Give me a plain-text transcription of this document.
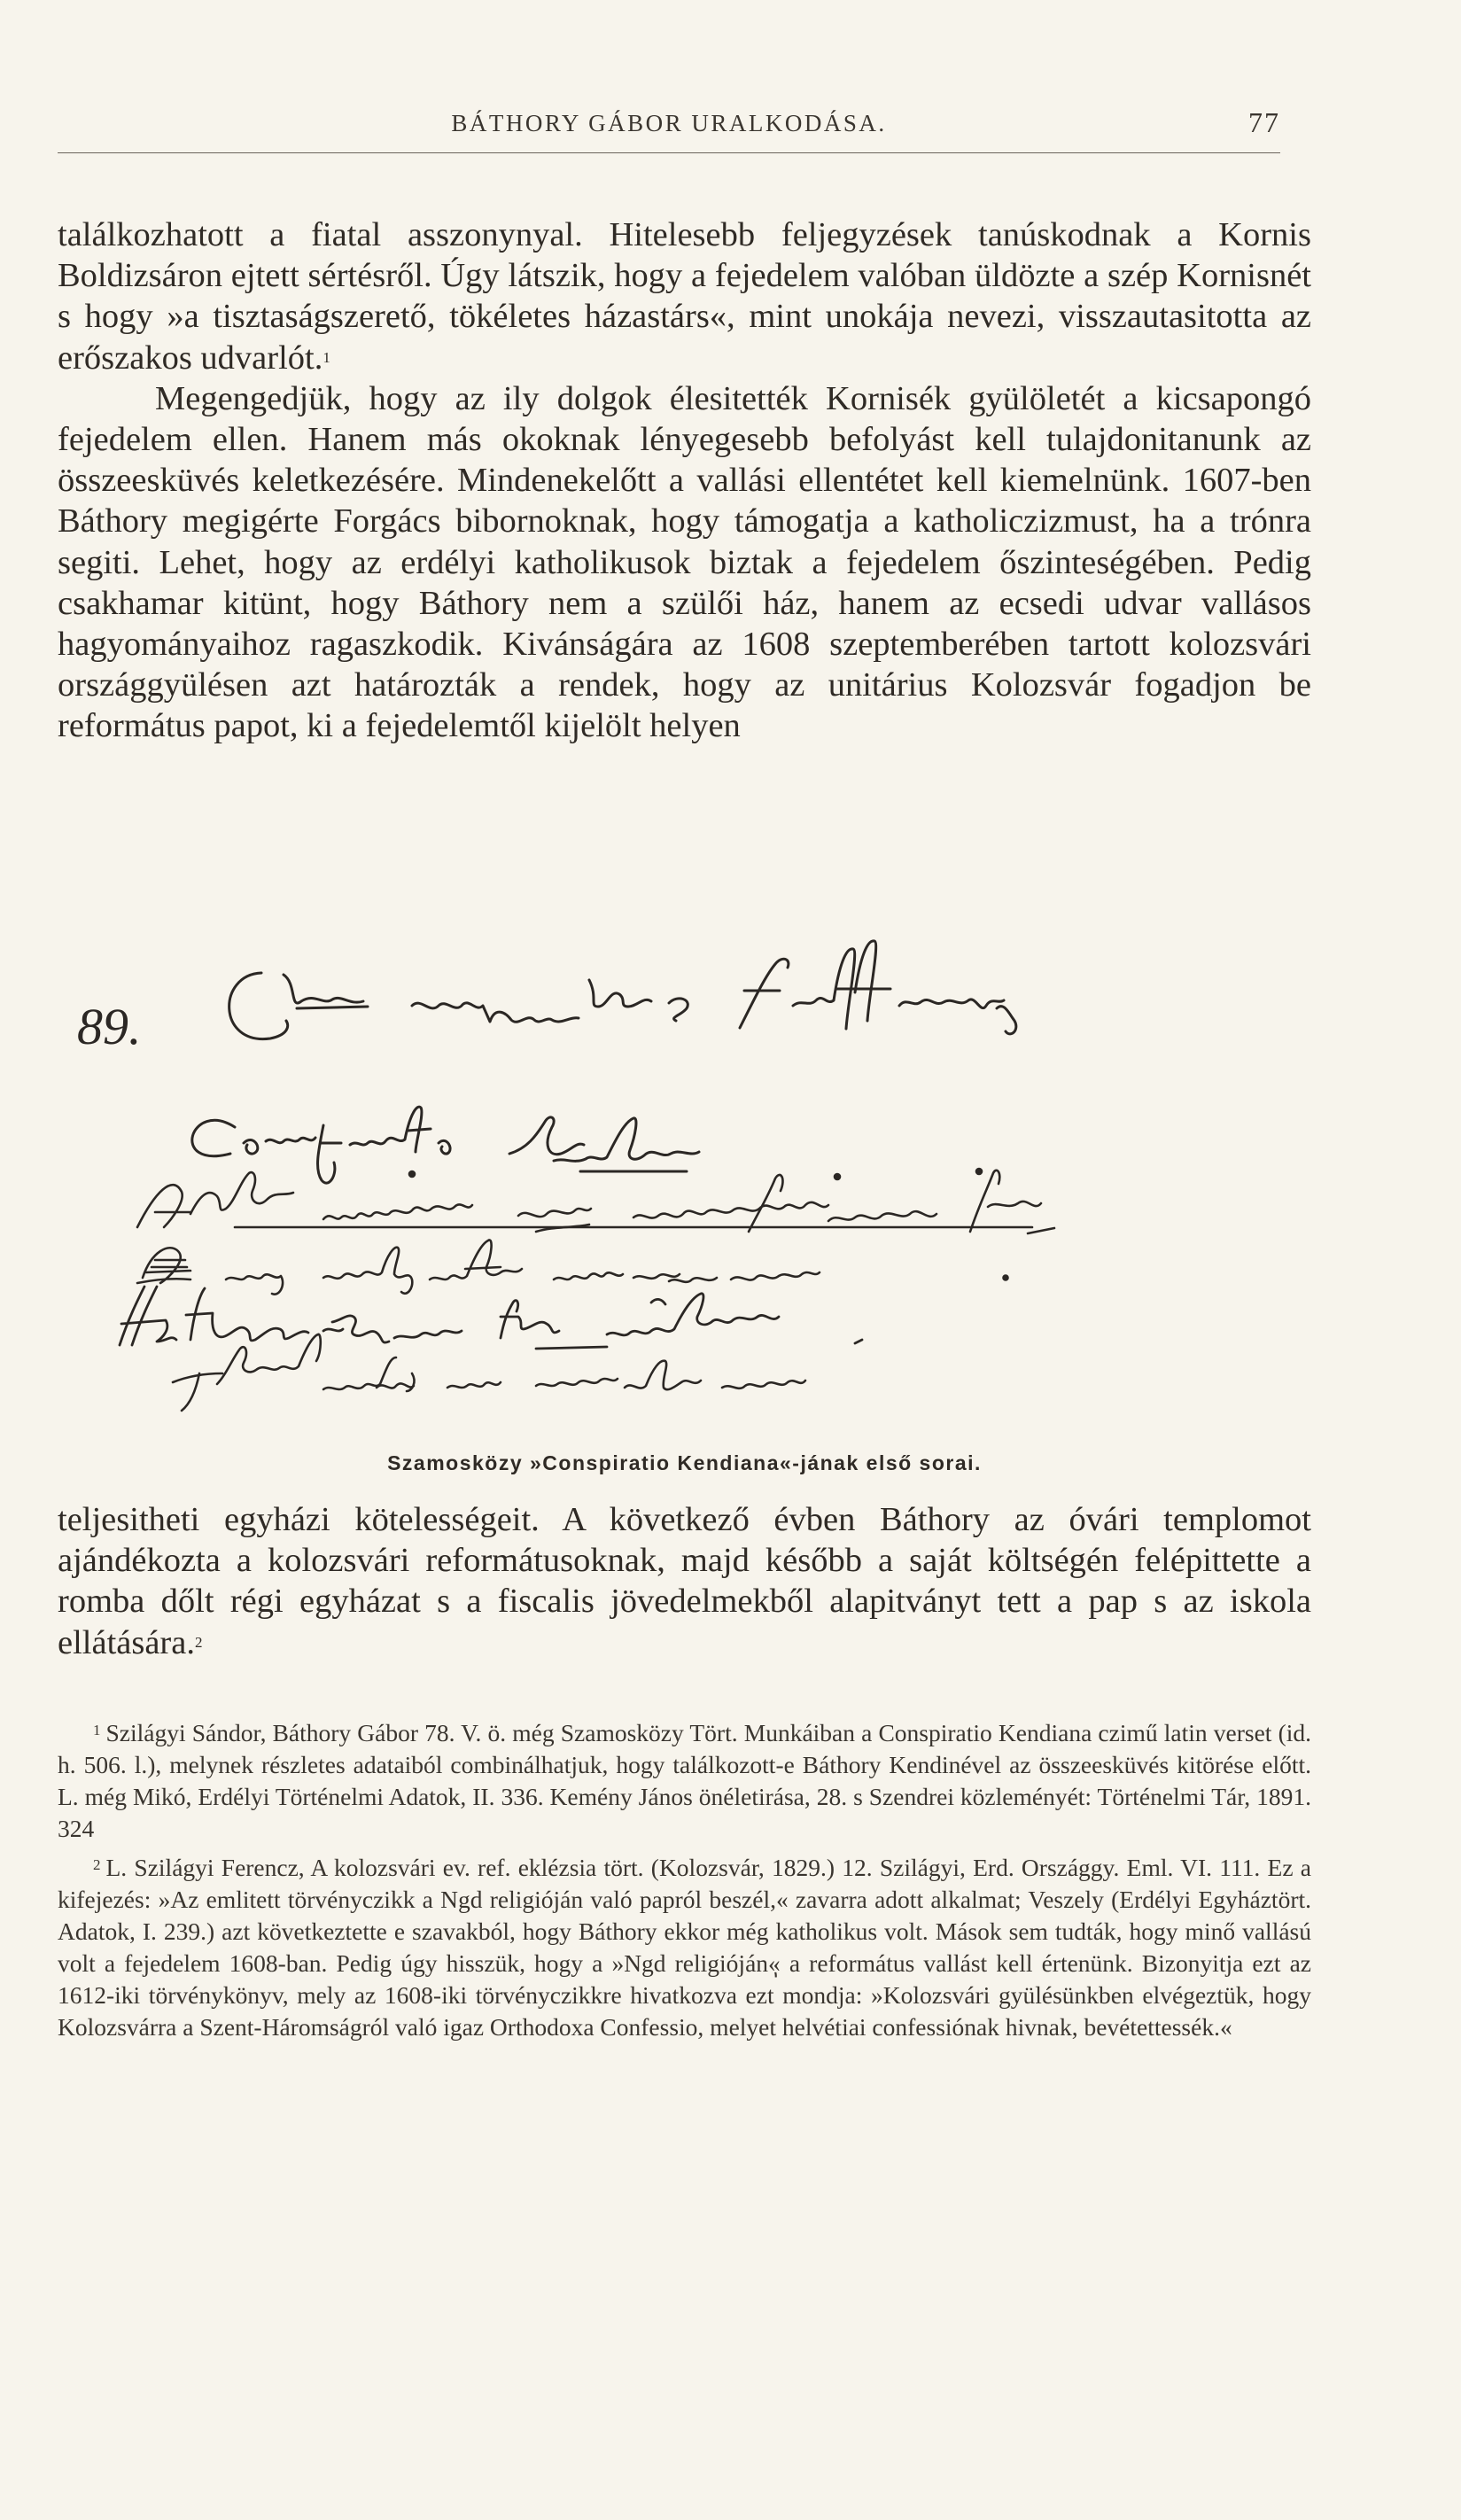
BÁTHORY GÁBOR URALKODÁSA.	77

találkozhatott a fiatal asszonynyal. Hitelesebb feljegyzések tanúskodnak a Kornis Boldizsáron ejtett sértésről. Úgy látszik, hogy a fejedelem valóban üldözte a szép Kornisnét s hogy »a tisztaságszerető, tökéletes házastárs«, mint unokája nevezi, visszautasitotta az erőszakos udvarlót.$^1$

Megengedjük, hogy az ily dolgok élesitették Kornisék gyülöletét a kicsapongó fejedelem ellen. Hanem más okoknak lényegesebb befolyást kell tulajdonitanunk az összeesküvés keletkezésére. Mindenekelőtt a vallási ellentétet kell kiemelnünk. 1607-ben Báthory megigérte Forgács bibornoknak, hogy támogatja a katholiczizmust, ha a trónra segiti. Lehet, hogy az erdélyi katholikusok biztak a fejedelem őszinteségében. Pedig csakhamar kitünt, hogy Báthory nem a szülői ház, hanem az ecsedi udvar vallásos hagyományaihoz ragaszkodik. Kivánságára az 1608 szeptemberében tartott kolozsvári országgyülésen azt határozták a rendek, hogy az unitárius Kolozsvár fogadjon be református papot, ki a fejedelemtől kijelölt helyen

89.
Szamosközy »Conspiratio Kendiana«-jának első sorai.

teljesitheti egyházi kötelességeit. A következő évben Báthory az óvári templomot ajándékozta a kolozsvári reformátusoknak, majd később a saját költségén felépittette a romba dőlt régi egyházat s a fiscalis jövedelmekből alapitványt tett a pap s az iskola ellátására.$^2$

$^1$ Szilágyi Sándor, Báthory Gábor 78. V. ö. még Szamosközy Tört. Munkáiban a Conspiratio Kendiana czimű latin verset (id. h. 506. l.), melynek részletes adataiból combinálhatjuk, hogy találkozott-e Báthory Kendinével az összeesküvés kitörése előtt. L. még Mikó, Erdélyi Történelmi Adatok, II. 336. Kemény János önéletirása, 28. s Szendrei közleményét: Történelmi Tár, 1891. 324

$^2$ L. Szilágyi Ferencz, A kolozsvári ev. ref. eklézsia tört. (Kolozsvár, 1829.) 12. Szilágyi, Erd. Országgy. Eml. VI. 111. Ez a kifejezés: »Az emlitett törvényczikk a Ngd religióján való papról beszél,« zavarra adott alkalmat; Veszely (Erdélyi Egyháztört. Adatok, I. 239.) azt következtette e szavakból, hogy Báthory ekkor még katholikus volt. Mások sem tudták, hogy minő vallású volt a fejedelem 1608-ban. Pedig úgy hisszük, hogy a »Ngd religiójánٖ« a református vallást kell értenünk. Bizonyitja ezt az 1612-iki törvénykönyv, mely az 1608-iki törvényczikkre hivatkozva ezt mondja: »Kolozsvári gyülésünkben elvégeztük, hogy Kolozsvárra a Szent-Háromságról való igaz Orthodoxa Confessio, melyet helvétiai confessiónak hivnak, bevétettessék.«
